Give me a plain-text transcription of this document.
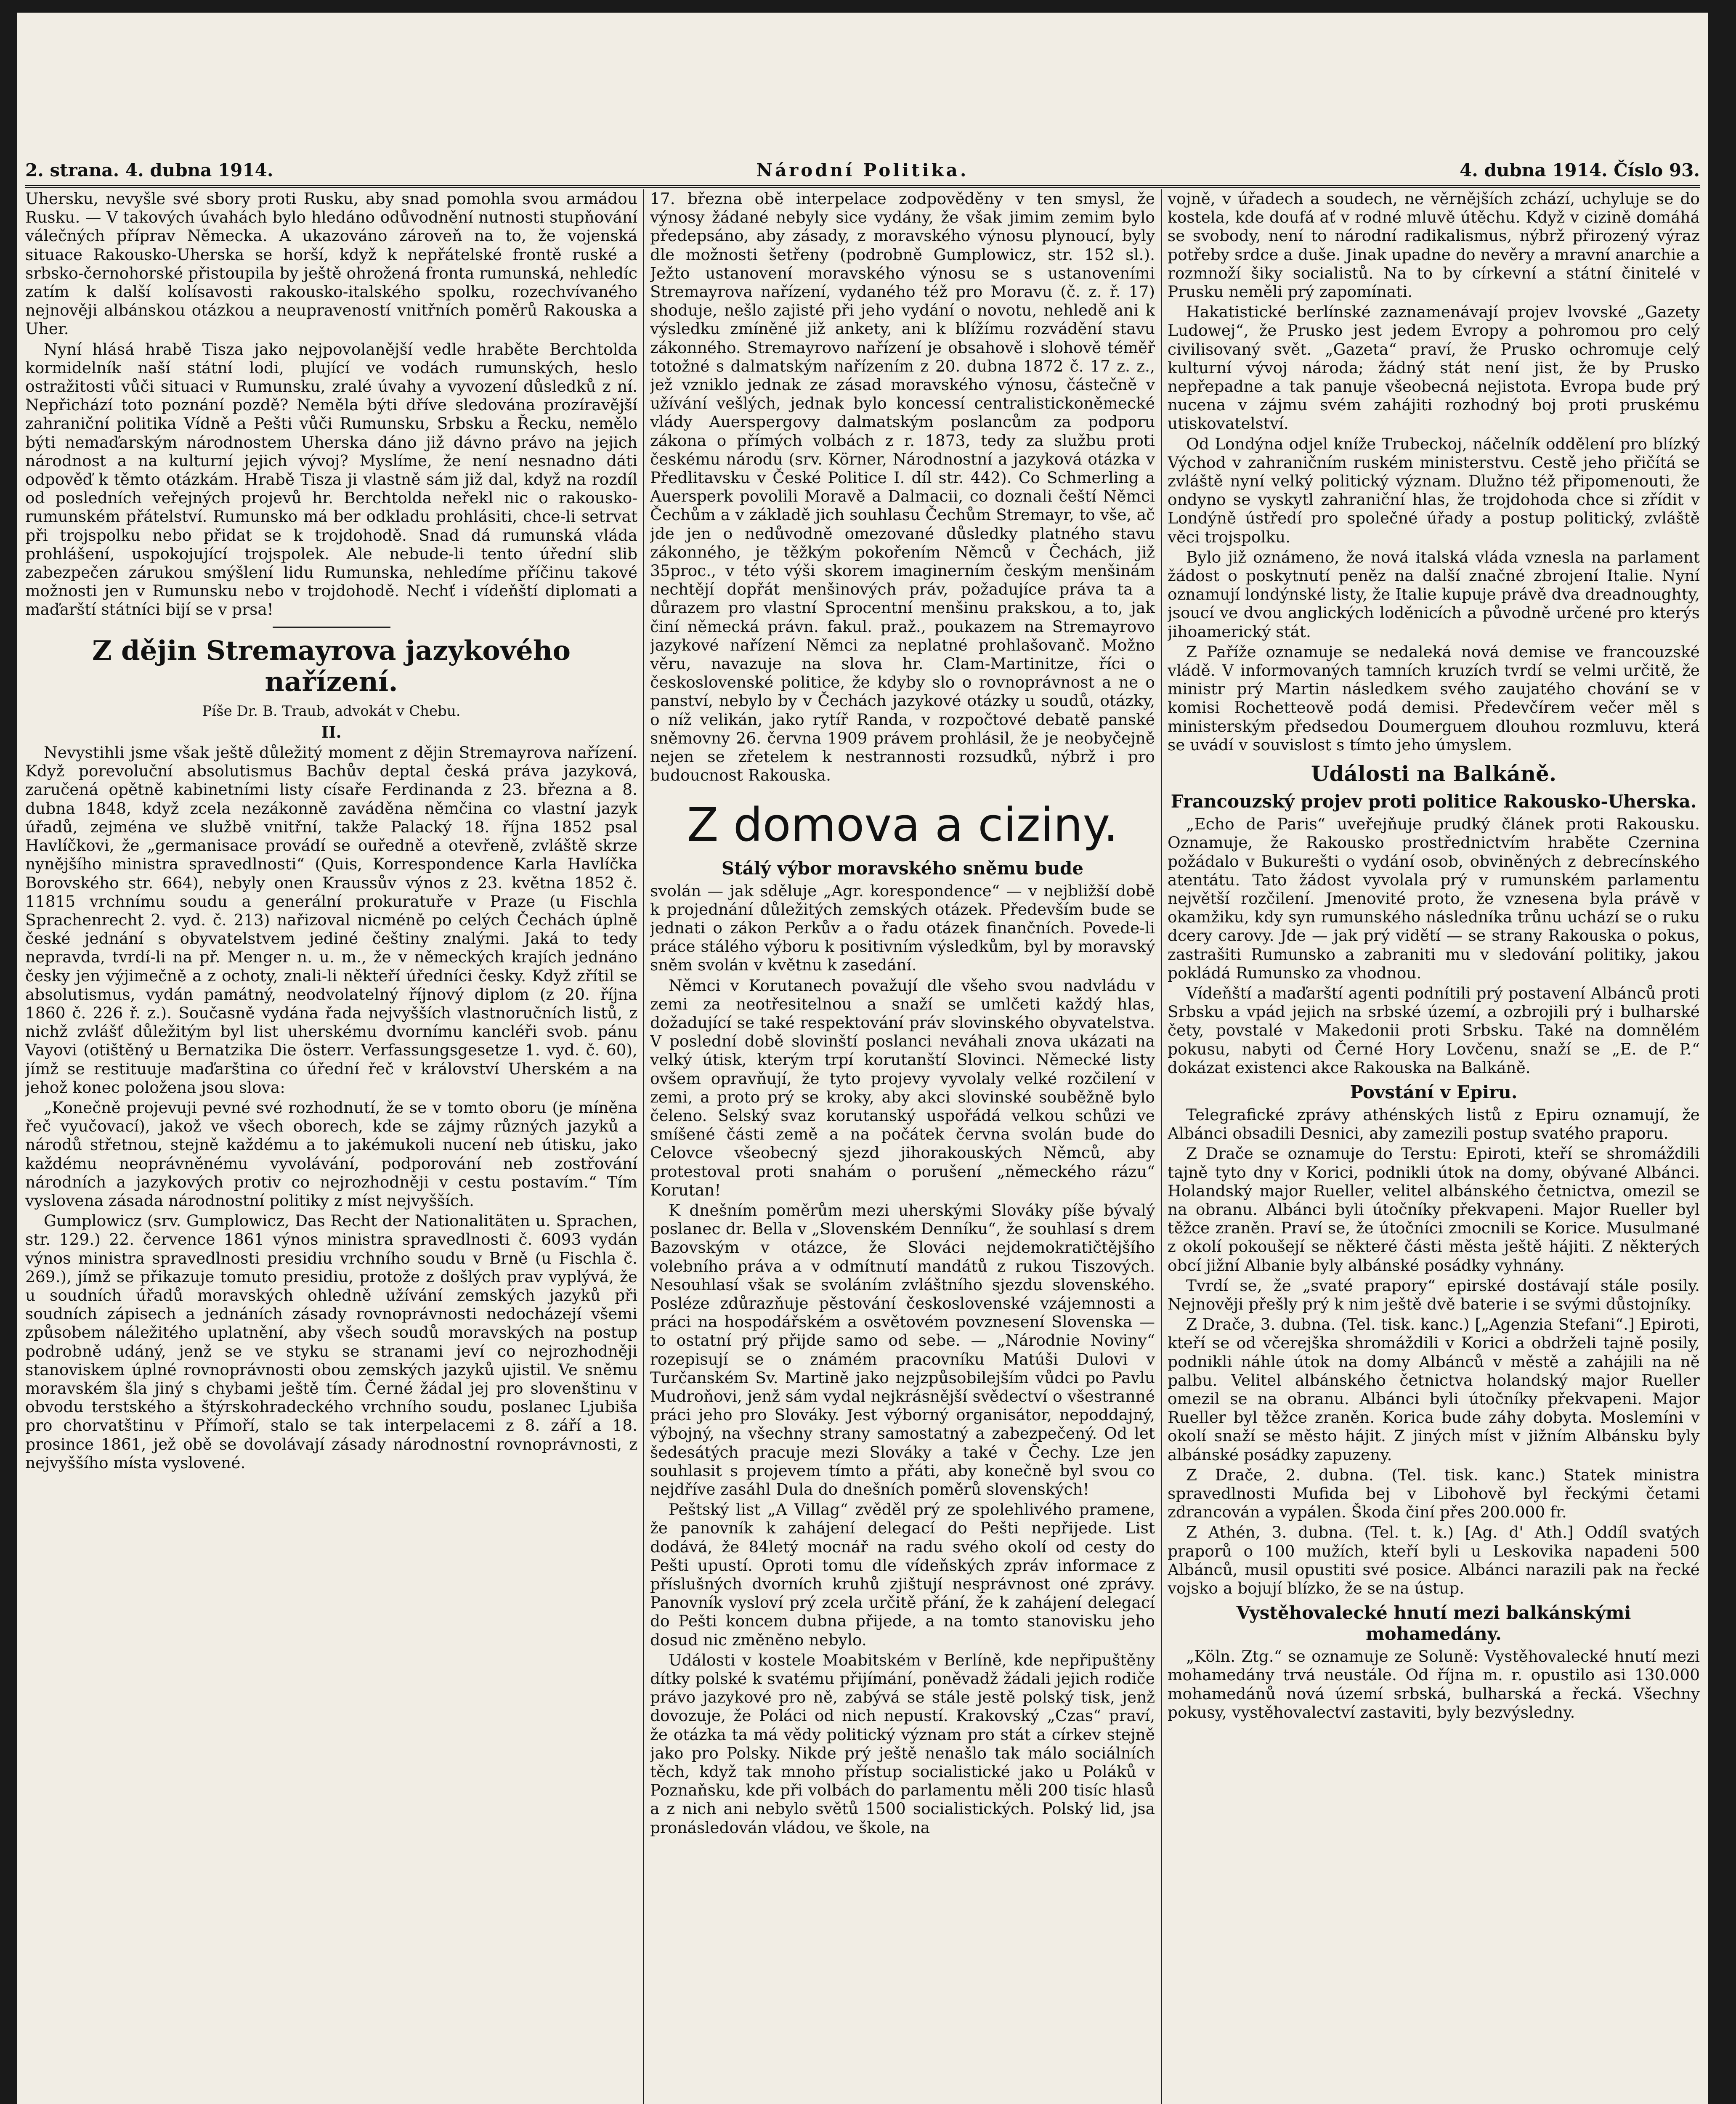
2. strana. 4. dubna 1914.	Národní Politika.	4. dubna 1914. Číslo 93.

Uhersku, nevyšle své sbory proti Rusku, aby snad pomohla svou armádou Rusku. — V takových úvahách bylo hledáno odůvodnění nutnosti stupňování válečných příprav Německa. A ukazováno zároveň na to, že vojenská situace Rakousko-Uherska se horší, když k nepřátelské frontě ruské a srbsko-černohorské přistoupila by ještě ohrožená fronta rumunská, nehledíc zatím k další kolísavosti rakousko-italského spolku, rozechvívaného nejnověji albánskou otázkou a neupraveností vnitřních poměrů Rakouska a Uher.

Nyní hlásá hrabě Tisza jako nejpovolanější vedle hraběte Berchtolda kormidelník naší státní lodi, plující ve vodách rumunských, heslo ostražitosti vůči situaci v Rumunsku, zralé úvahy a vyvození důsledků z ní. Nepřichází toto poznání pozdě? Neměla býti dříve sledována prozíravější zahraniční politika Vídně a Pešti vůči Rumunsku, Srbsku a Řecku, nemělo býti nemaďarským národnostem Uherska dáno již dávno právo na jejich národnost a na kulturní jejich vývoj? Myslíme, že není nesnadno dáti odpověď k těmto otázkám. Hrabě Tisza ji vlastně sám již dal, když na rozdíl od posledních veřejných projevů hr. Berchtolda neřekl nic o rakousko-rumunském přátelství. Rumunsko má ber odkladu prohlásiti, chce-li setrvat při trojspolku nebo přidat se k trojdohodě. Snad dá rumunská vláda prohlášení, uspokojující trojspolek. Ale nebude-li tento úřední slib zabezpečen zárukou smýšlení lidu Rumunska, nehledíme příčinu takové možnosti jen v Rumunsku nebo v trojdohodě. Nechť i vídeňští diplomati a maďarští státníci bijí se v prsa!

Z dějin Stremayrova jazykového nařízení.

Píše Dr. B. Traub, advokát v Chebu.

II.

Nevystihli jsme však ještě důležitý moment z dějin Stremayrova nařízení. Když porevoluční absolutismus Bachův deptal česká práva jazyková, zaručená opětně kabinetními listy císaře Ferdinanda z 23. března a 8. dubna 1848, když zcela nezákonně zaváděna němčina co vlastní jazyk úřadů, zejména ve službě vnitřní, takže Palacký 18. října 1852 psal Havlíčkovi, že „germanisace provádí se ouředně a otevřeně, zvláště skrze nynějšího ministra spravedlnosti“ (Quis, Korrespondence Karla Havlíčka Borovského str. 664), nebyly onen Kraussův výnos z 23. května 1852 č. 11815 vrchnímu soudu a generální prokuratuře v Praze (u Fischla Sprachenrecht 2. vyd. č. 213) nařizoval nicméně po celých Čechách úplně české jednání s obyvatelstvem jediné češtiny znalými. Jaká to tedy nepravda, tvrdí-li na př. Menger n. u. m., že v německých krajích jednáno česky jen výjimečně a z ochoty, znali-li někteří úředníci česky. Když zřítil se absolutismus, vydán památný, neodvolatelný říjnový diplom (z 20. října 1860 č. 226 ř. z.). Současně vydána řada nejvyšších vlastnoručních listů, z nichž zvlášť důležitým byl list uherskému dvornímu kancléři svob. pánu Vayovi (otištěný u Bernatzika Die österr. Verfassungsgesetze 1. vyd. č. 60), jímž se restituuje maďarština co úřední řeč v království Uherském a na jehož konec položena jsou slova:

„Konečně projevuji pevné své rozhodnutí, že se v tomto oboru (je míněna řeč vyučovací), jakož ve všech oborech, kde se zájmy různých jazyků a národů střetnou, stejně každému a to jakémukoli nucení neb útisku, jako každému neoprávněnému vyvolávání, podporování neb zostřování národních a jazykových protiv co nejrozhodněji v cestu postavím.“ Tím vyslovena zásada národnostní politiky z míst nejvyšších.

Gumplowicz (srv. Gumplowicz, Das Recht der Nationalitäten u. Sprachen, str. 129.) 22. července 1861 výnos ministra spravedlnosti č. 6093 vydán výnos ministra spravedlnosti presidiu vrchního soudu v Brně (u Fischla č. 269.), jímž se přikazuje tomuto presidiu, protože z došlých prav vyplývá, že u soudních úřadů moravských ohledně užívání zemských jazyků při soudních zápisech a jednáních zásady rovnoprávnosti nedocházejí všemi způsobem náležitého uplatnění, aby všech soudů moravských na postup podrobně udáný, jenž se ve styku se stranami jeví co nejrozhodněji stanoviskem úplné rovnoprávnosti obou zemských jazyků ujistil. Ve sněmu moravském šla jiný s chybami ještě tím. Černé žádal jej pro slovenštinu v obvodu terstského a štýrskohradeckého vrchního soudu, poslanec Ljubiša pro chorvatštinu v Přímoří, stalo se tak interpelacemi z 8. září a 18. prosince 1861, jež obě se dovolávají zásady národnostní rovnoprávnosti, z nejvyššího místa vyslovené.

17. března obě interpelace zodpověděny v ten smysl, že výnosy žádané nebyly sice vydány, že však jimim zemim bylo předepsáno, aby zásady, z moravského výnosu plynoucí, byly dle možnosti šetřeny (podrobně Gumplowicz, str. 152 sl.). Ježto ustanovení moravského výnosu se s ustanoveními Stremayrova nařízení, vydaného též pro Moravu (č. z. ř. 17) shoduje, nešlo zajisté při jeho vydání o novotu, nehledě ani k výsledku zmíněné již ankety, ani k blížímu rozvádění stavu zákonného. Stremayrovo nařízení je obsahově i slohově téměř totožné s dalmatským nařízením z 20. dubna 1872 č. 17 z. z., jež vzniklo jednak ze zásad moravského výnosu, částečně v užívání vešlých, jednak bylo koncessí centralistickoněmecké vlády Auerspergovy dalmatským poslancům za podporu zákona o přímých volbách z r. 1873, tedy za službu proti českému národu (srv. Körner, Národnostní a jazyková otázka v Předlitavsku v České Politice I. díl str. 442). Co Schmerling a Auersperk povolili Moravě a Dalmacii, co doznali čeští Němci Čechům a v základě jich souhlasu Čechům Stremayr, to vše, ač jde jen o nedůvodně omezované důsledky platného stavu zákonného, je těžkým pokořením Němců v Čechách, již 35proc., v této výši skorem imaginerním českým menšinám nechtějí dopřát menšinových práv, požadujíce práva ta a důrazem pro vlastní Sprocentní menšinu prakskou, a to, jak činí německá právn. fakul. praž., poukazem na Stremayrovo jazykové nařízení Němci za neplatné prohlašovanč. Možno věru, navazuje na slova hr. Clam-Martinitze, říci o československé politice, že kdyby slo o rovnoprávnost a ne o panství, nebylo by v Čechách jazykové otázky u soudů, otázky, o níž velikán, jako rytíř Randa, v rozpočtové debatě panské sněmovny 26. června 1909 právem prohlásil, že je neobyčejně nejen se zřetelem k nestrannosti rozsudků, nýbrž i pro budoucnost Rakouska.

Z domova a ciziny.
Stálý výbor moravského sněmu bude

svolán — jak sděluje „Agr. korespondence“ — v nejbližší době k projednání důležitých zemských otázek. Především bude se jednati o zákon Perkův a o řadu otázek finančních. Povede-li práce stálého výboru k positivním výsledkům, byl by moravský sněm svolán v květnu k zasedání.

Němci v Korutanech považují dle všeho svou nadvládu v zemi za neotřesitelnou a snaží se umlčeti každý hlas, dožadující se také respektování práv slovinského obyvatelstva. V poslední době slovinští poslanci neváhali znova ukázati na velký útisk, kterým trpí korutanští Slovinci. Německé listy ovšem opravňují, že tyto projevy vyvolaly velké rozčilení v zemi, a proto prý se kroky, aby akci slovinské souběžně bylo čeleno. Selský svaz korutanský uspořádá velkou schůzi ve smíšené části země a na počátek června svolán bude do Celovce všeobecný sjezd jihorakouských Němců, aby protestoval proti snahám o porušení „německého rázu“ Korutan!

K dnešním poměrům mezi uherskými Slováky píše bývalý poslanec dr. Bella v „Slovenském Denníku“, že souhlasí s drem Bazovským v otázce, že Slováci nejdemokratičtějšího volebního práva a v odmítnutí mandátů z rukou Tiszových. Nesouhlasí však se svoláním zvláštního sjezdu slovenského. Posléze zdůrazňuje pěstování československé vzájemnosti a práci na hospodářském a osvětovém povznesení Slovenska — to ostatní prý přijde samo od sebe. — „Národnie Noviny“ rozepisují se o známém pracovníku Matúši Dulovi v Turčanském Sv. Martině jako nejzpůsobilejším vůdci po Pavlu Mudroňovi, jenž sám vydal nejkrásnější svědectví o všestranné práci jeho pro Slováky. Jest výborný organisátor, nepoddajný, výbojný, na všechny strany samostatný a zabezpečený. Od let šedesátých pracuje mezi Slováky a také v Čechy. Lze jen souhlasit s projevem tímto a přáti, aby konečně byl svou co nejdříve zasáhl Dula do dnešních poměrů slovenských!

Peštský list „A Villag“ zvěděl prý ze spolehlivého pramene, že panovník k zahájení delegací do Pešti nepřijede. List dodává, že 84letý mocnář na radu svého okolí od cesty do Pešti upustí. Oproti tomu dle vídeňských zpráv informace z příslušných dvorních kruhů zjištují nesprávnost oné zprávy. Panovník vysloví prý zcela určitě přání, že k zahájení delegací do Pešti koncem dubna přijede, a na tomto stanovisku jeho dosud nic změněno nebylo.

Události v kostele Moabitském v Berlíně, kde nepřipuštěny dítky polské k svatému přijímání, poněvadž žádali jejich rodiče právo jazykové pro ně, zabývá se stále jestě polský tisk, jenž dovozuje, že Poláci od nich nepustí. Krakovský „Czas“ praví, že otázka ta má vědy politický význam pro stát a církev stejně jako pro Polsky. Nikde prý ještě nenašlo tak málo sociálních těch, když tak mnoho přístup socialistické jako u Poláků v Poznaňsku, kde při volbách do parlamentu měli 200 tisíc hlasů a z nich ani nebylo světů 1500 socialistických. Polský lid, jsa pronásledován vládou, ve škole, na

vojně, v úřadech a soudech, ne věrnějších zchází, uchyluje se do kostela, kde doufá ať v rodné mluvě útěchu. Když v cizině domáhá se svobody, není to národní radikalismus, nýbrž přirozený výraz potřeby srdce a duše. Jinak upadne do nevěry a mravní anarchie a rozmnoží šiky socialistů. Na to by církevní a státní činitelé v Prusku neměli prý zapomínati.

Hakatistické berlínské zaznamenávají projev lvovské „Gazety Ludowej“, že Prusko jest jedem Evropy a pohromou pro celý civilisovaný svět. „Gazeta“ praví, že Prusko ochromuje celý kulturní vývoj národa; žádný stát není jist, že by Prusko nepřepadne a tak panuje všeobecná nejistota. Evropa bude prý nucena v zájmu svém zahájiti rozhodný boj proti pruskému utiskovatelství.

Od Londýna odjel kníže Trubeckoj, náčelník oddělení pro blízký Východ v zahraničním ruském ministerstvu. Cestě jeho přičítá se zvláště nyní velký politický význam. Dlužno též připomenouti, že ondyno se vyskytl zahraniční hlas, že trojdohoda chce si zřídit v Londýně ústředí pro společné úřady a postup politický, zvláště věci trojspolku.

Bylo již oznámeno, že nová italská vláda vznesla na parlament žádost o poskytnutí peněz na další značné zbrojení Italie. Nyní oznamují londýnské listy, že Italie kupuje právě dva dreadnoughty, jsoucí ve dvou anglických loděnicích a původně určené pro kterýs jihoamerický stát.

Z Paříže oznamuje se nedaleká nová demise ve francouzské vládě. V informovaných tamních kruzích tvrdí se velmi určitě, že ministr prý Martin následkem svého zaujatého chování se v komisi Rochetteově podá demisi. Předevčírem večer měl s ministerským předsedou Doumerguem dlouhou rozmluvu, která se uvádí v souvislost s tímto jeho úmyslem.

Události na Balkáně.
Francouzský projev proti politice Rakousko-Uherska.

„Echo de Paris“ uveřejňuje prudký článek proti Rakousku. Oznamuje, že Rakousko prostřednictvím hraběte Czernina požádalo v Bukurešti o vydání osob, obviněných z debrecínského atentátu. Tato žádost vyvolala prý v rumunském parlamentu největší rozčilení. Jmenovité proto, že vznesena byla právě v okamžiku, kdy syn rumunského následníka trůnu uchází se o ruku dcery carovy. Jde — jak prý vidětí — se strany Rakouska o pokus, zastrašiti Rumunsko a zabraniti mu v sledování politiky, jakou pokládá Rumunsko za vhodnou.

Vídeňští a maďarští agenti podnítili prý postavení Albánců proti Srbsku a vpád jejich na srbské území, a ozbrojili prý i bulharské čety, povstalé v Makedonii proti Srbsku. Také na domnělém pokusu, nabyti od Černé Hory Lovčenu, snaží se „E. de P.“ dokázat existenci akce Rakouska na Balkáně.

Povstání v Epiru.

Telegrafické zprávy athénských listů z Epiru oznamují, že Albánci obsadili Desnici, aby zamezili postup svatého praporu.

Z Drače se oznamuje do Terstu: Epiroti, kteří se shromáždili tajně tyto dny v Korici, podnikli útok na domy, obývané Albánci. Holandský major Rueller, velitel albánského četnictva, omezil se na obranu. Albánci byli útočníky překvapeni. Major Rueller byl těžce zraněn. Praví se, že útočníci zmocnili se Korice. Musulmané z okolí pokoušejí se některé části města ještě hájiti. Z některých obcí jižní Albanie byly albánské posádky vyhnány.

Tvrdí se, že „svaté prapory“ epirské dostávají stále posily. Nejnověji přešly prý k nim ještě dvě baterie i se svými důstojníky.

Z Drače, 3. dubna. (Tel. tisk. kanc.) [„Agenzia Stefani“.] Epiroti, kteří se od včerejška shromáždili v Korici a obdrželi tajně posily, podnikli náhle útok na domy Albánců v městě a zahájili na ně palbu. Velitel albánského četnictva holandský major Rueller omezil se na obranu. Albánci byli útočníky překvapeni. Major Rueller byl těžce zraněn. Korica bude záhy dobyta. Moslemíni v okolí snaží se město hájit. Z jiných míst v jižním Albánsku byly albánské posádky zapuzeny.

Z Drače, 2. dubna. (Tel. tisk. kanc.) Statek ministra spravedlnosti Mufida bej v Libohově byl řeckými četami zdrancován a vypálen. Škoda činí přes 200.000 fr.

Z Athén, 3. dubna. (Tel. t. k.) [Ag. d' Ath.] Oddíl svatých praporů o 100 mužích, kteří byli u Leskovika napadeni 500 Albánců, musil opustiti své posice. Albánci narazili pak na řecké vojsko a bojují blízko, že se na ústup.

Vystěhovalecké hnutí mezi balkánskými mohamedány.

„Köln. Ztg.“ se oznamuje ze Soluně: Vystěhovalecké hnutí mezi mohamedány trvá neustále. Od října m. r. opustilo asi 130.000 mohamedánů nová území srbská, bulharská a řecká. Všechny pokusy, vystěhovalectví zastaviti, byly bezvýsledny.
